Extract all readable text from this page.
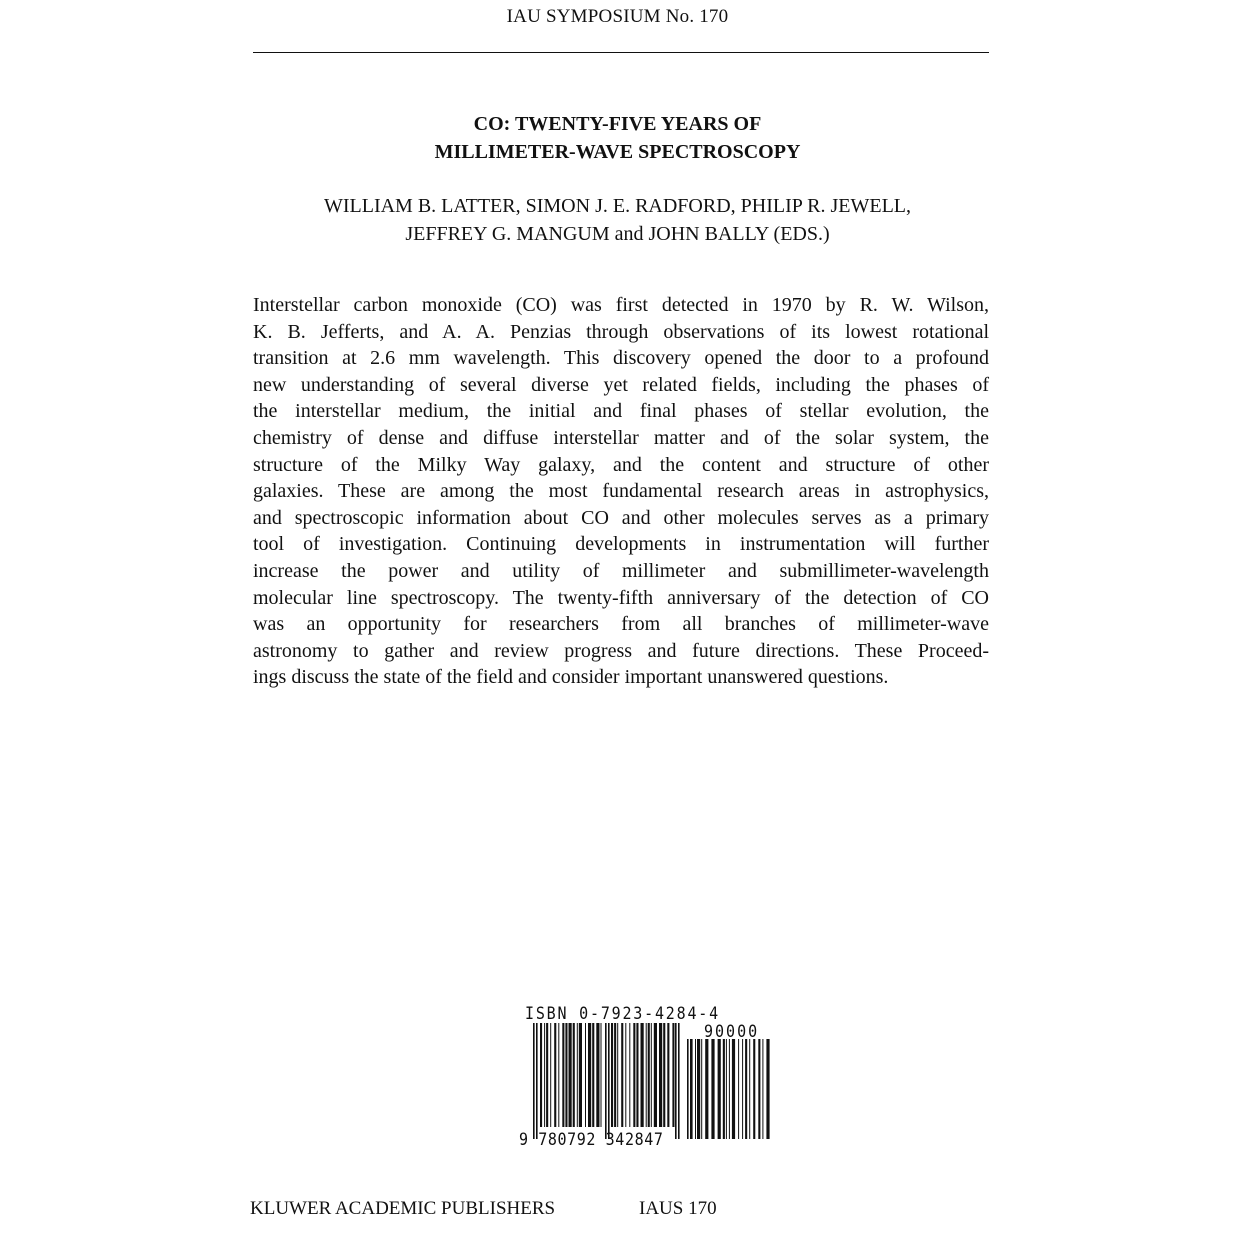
IAU SYMPOSIUM No. 170
CO: TWENTY-FIVE YEARS OF
MILLIMETER-WAVE SPECTROSCOPY
WILLIAM B. LATTER, SIMON J. E. RADFORD, PHILIP R. JEWELL,
JEFFREY G. MANGUM and JOHN BALLY (EDS.)
Interstellar carbon monoxide (CO) was first detected in 1970 by R. W. Wilson,
K. B. Jefferts, and A. A. Penzias through observations of its lowest rotational
transition at 2.6 mm wavelength. This discovery opened the door to a profound
new understanding of several diverse yet related fields, including the phases of
the interstellar medium, the initial and final phases of stellar evolution, the
chemistry of dense and diffuse interstellar matter and of the solar system, the
structure of the Milky Way galaxy, and the content and structure of other
galaxies. These are among the most fundamental research areas in astrophysics,
and spectroscopic information about CO and other molecules serves as a primary
tool of investigation. Continuing developments in instrumentation will further
increase the power and utility of millimeter and submillimeter-wavelength
molecular line spectroscopy. The twenty-fifth anniversary of the detection of CO
was an opportunity for researchers from all branches of millimeter-wave
astronomy to gather and review progress and future directions. These Proceed-
ings discuss the state of the field and consider important unanswered questions.
ISBN 0-7923-4284-4
90000
9 780792 342847
KLUWER ACADEMIC PUBLISHERS	IAUS 170
